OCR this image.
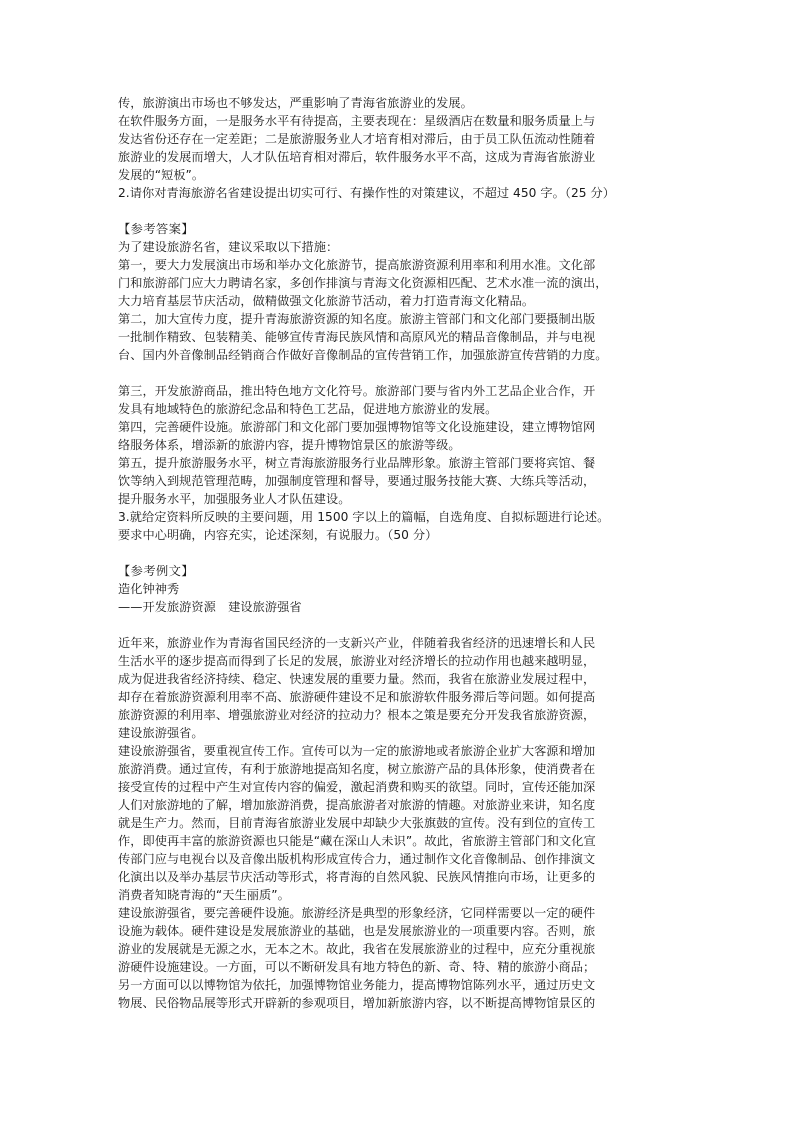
传，旅游演出市场也不够发达，严重影响了青海省旅游业的发展。
在软件服务方面，一是服务水平有待提高，主要表现在：星级酒店在数量和服务质量上与
发达省份还存在一定差距；二是旅游服务业人才培育相对滞后，由于员工队伍流动性随着
旅游业的发展而增大，人才队伍培育相对滞后，软件服务水平不高，这成为青海省旅游业
发展的“短板”。
2.请你对青海旅游名省建设提出切实可行、有操作性的对策建议，不超过 450 字。（25 分）
【参考答案】
为了建设旅游名省，建议采取以下措施：
第一，要大力发展演出市场和举办文化旅游节，提高旅游资源利用率和利用水准。文化部
门和旅游部门应大力聘请名家，多创作排演与青海文化资源相匹配、艺术水准一流的演出，
大力培育基层节庆活动，做精做强文化旅游节活动，着力打造青海文化精品。
第二，加大宣传力度，提升青海旅游资源的知名度。旅游主管部门和文化部门要摄制出版
一批制作精致、包装精美、能够宣传青海民族风情和高原风光的精品音像制品，并与电视
台、国内外音像制品经销商合作做好音像制品的宣传营销工作，加强旅游宣传营销的力度。
第三，开发旅游商品，推出特色地方文化符号。旅游部门要与省内外工艺品企业合作，开
发具有地域特色的旅游纪念品和特色工艺品，促进地方旅游业的发展。
第四，完善硬件设施。旅游部门和文化部门要加强博物馆等文化设施建设，建立博物馆网
络服务体系，增添新的旅游内容，提升博物馆景区的旅游等级。
第五，提升旅游服务水平，树立青海旅游服务行业品牌形象。旅游主管部门要将宾馆、餐
饮等纳入到规范管理范畴，加强制度管理和督导，要通过服务技能大赛、大练兵等活动，
提升服务水平，加强服务业人才队伍建设。
3.就给定资料所反映的主要问题，用 1500 字以上的篇幅，自选角度、自拟标题进行论述。
要求中心明确，内容充实，论述深刻，有说服力。（50 分）
【参考例文】
造化钟神秀
——开发旅游资源　建设旅游强省
近年来，旅游业作为青海省国民经济的一支新兴产业，伴随着我省经济的迅速增长和人民
生活水平的逐步提高而得到了长足的发展，旅游业对经济增长的拉动作用也越来越明显，
成为促进我省经济持续、稳定、快速发展的重要力量。然而，我省在旅游业发展过程中，
却存在着旅游资源利用率不高、旅游硬件建设不足和旅游软件服务滞后等问题。如何提高
旅游资源的利用率、增强旅游业对经济的拉动力？根本之策是要充分开发我省旅游资源，
建设旅游强省。
建设旅游强省，要重视宣传工作。宣传可以为一定的旅游地或者旅游企业扩大客源和增加
旅游消费。通过宣传，有利于旅游地提高知名度，树立旅游产品的具体形象，使消费者在
接受宣传的过程中产生对宣传内容的偏爱，激起消费和购买的欲望。同时，宣传还能加深
人们对旅游地的了解，增加旅游消费，提高旅游者对旅游的情趣。对旅游业来讲，知名度
就是生产力。然而，目前青海省旅游业发展中却缺少大张旗鼓的宣传。没有到位的宣传工
作，即使再丰富的旅游资源也只能是“藏在深山人未识”。故此，省旅游主管部门和文化宣
传部门应与电视台以及音像出版机构形成宣传合力，通过制作文化音像制品、创作排演文
化演出以及举办基层节庆活动等形式，将青海的自然风貌、民族风情推向市场，让更多的
消费者知晓青海的“天生丽质”。
建设旅游强省，要完善硬件设施。旅游经济是典型的形象经济，它同样需要以一定的硬件
设施为载体。硬件建设是发展旅游业的基础，也是发展旅游业的一项重要内容。否则，旅
游业的发展就是无源之水，无本之木。故此，我省在发展旅游业的过程中，应充分重视旅
游硬件设施建设。一方面，可以不断研发具有地方特色的新、奇、特、精的旅游小商品；
另一方面可以以博物馆为依托，加强博物馆业务能力，提高博物馆陈列水平，通过历史文
物展、民俗物品展等形式开辟新的参观项目，增加新旅游内容，以不断提高博物馆景区的
